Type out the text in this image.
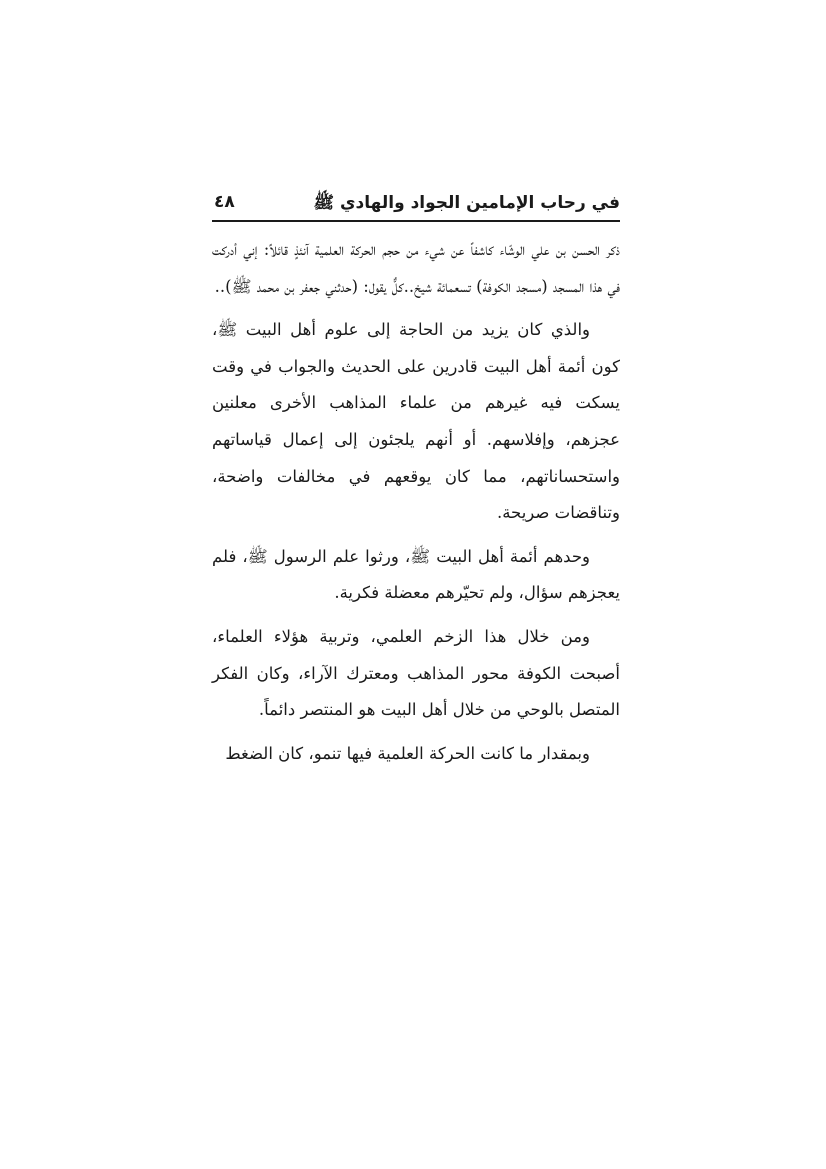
في رحاب الإمامين الجواد والهادي ﷺ
٤٨

ذكر الحسن بن علي الوشّاء كاشفاً عن شيء من حجم الحركة العلمية آنئذٍ قائلاً: إني أدركت في هذا المسجد (مسجد الكوفة) تسعمائة شيخ..كلٌّ يقول: (حدثني جعفر بن محمد ﷺ)..

والذي كان يزيد من الحاجة إلى علوم أهل البيت ﷺ، كون أئمة أهل البيت قادرين على الحديث والجواب في وقت يسكت فيه غيرهم من علماء المذاهب الأخرى معلنين عجزهم، وإفلاسهم. أو أنهم يلجئون إلى إعمال قياساتهم واستحساناتهم، مما كان يوقعهم في مخالفات واضحة، وتناقضات صريحة.

وحدهم أئمة أهل البيت ﷺ، ورثوا علم الرسول ﷺ، فلم يعجزهم سؤال، ولم تحيّرهم معضلة فكرية.

ومن خلال هذا الزخم العلمي، وتربية هؤلاء العلماء، أصبحت الكوفة محور المذاهب ومعترك الآراء، وكان الفكر المتصل بالوحي من خلال أهل البيت هو المنتصر دائماً.

وبمقدار ما كانت الحركة العلمية فيها تنمو، كان الضغط
